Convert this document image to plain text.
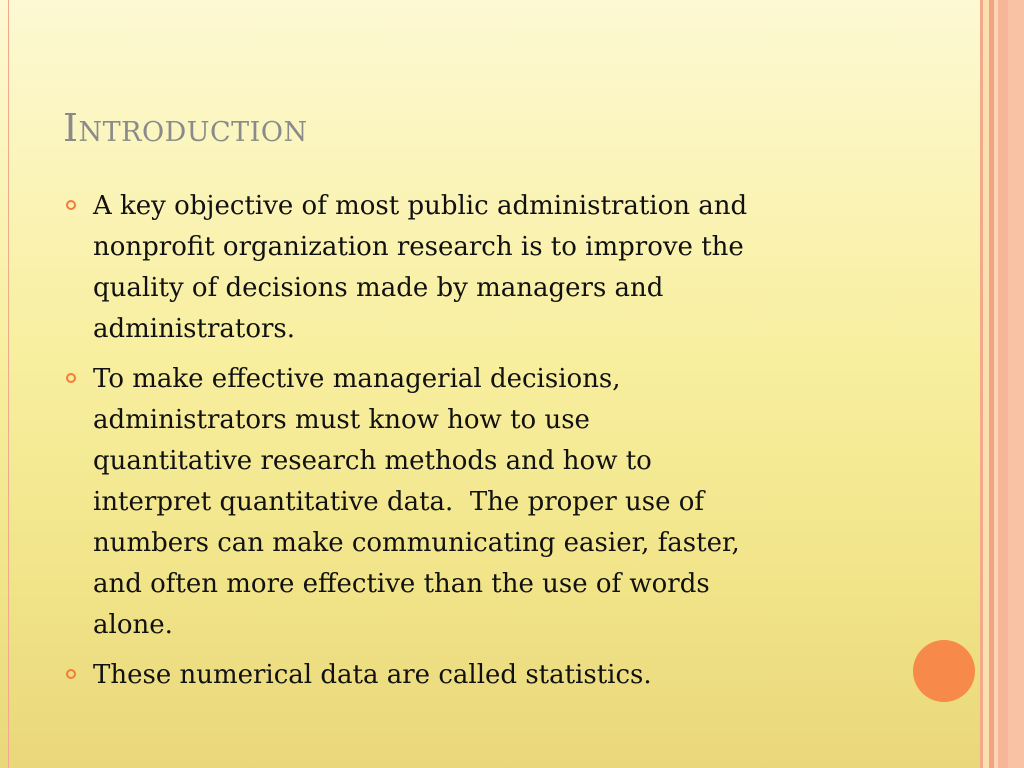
Introduction
A key objective of most public administration and
nonprofit organization research is to improve the
quality of decisions made by managers and
administrators.
To make effective managerial decisions,
administrators must know how to use
quantitative research methods and how to
interpret quantitative data.  The proper use of
numbers can make communicating easier, faster,
and often more effective than the use of words
alone.
These numerical data are called statistics.
